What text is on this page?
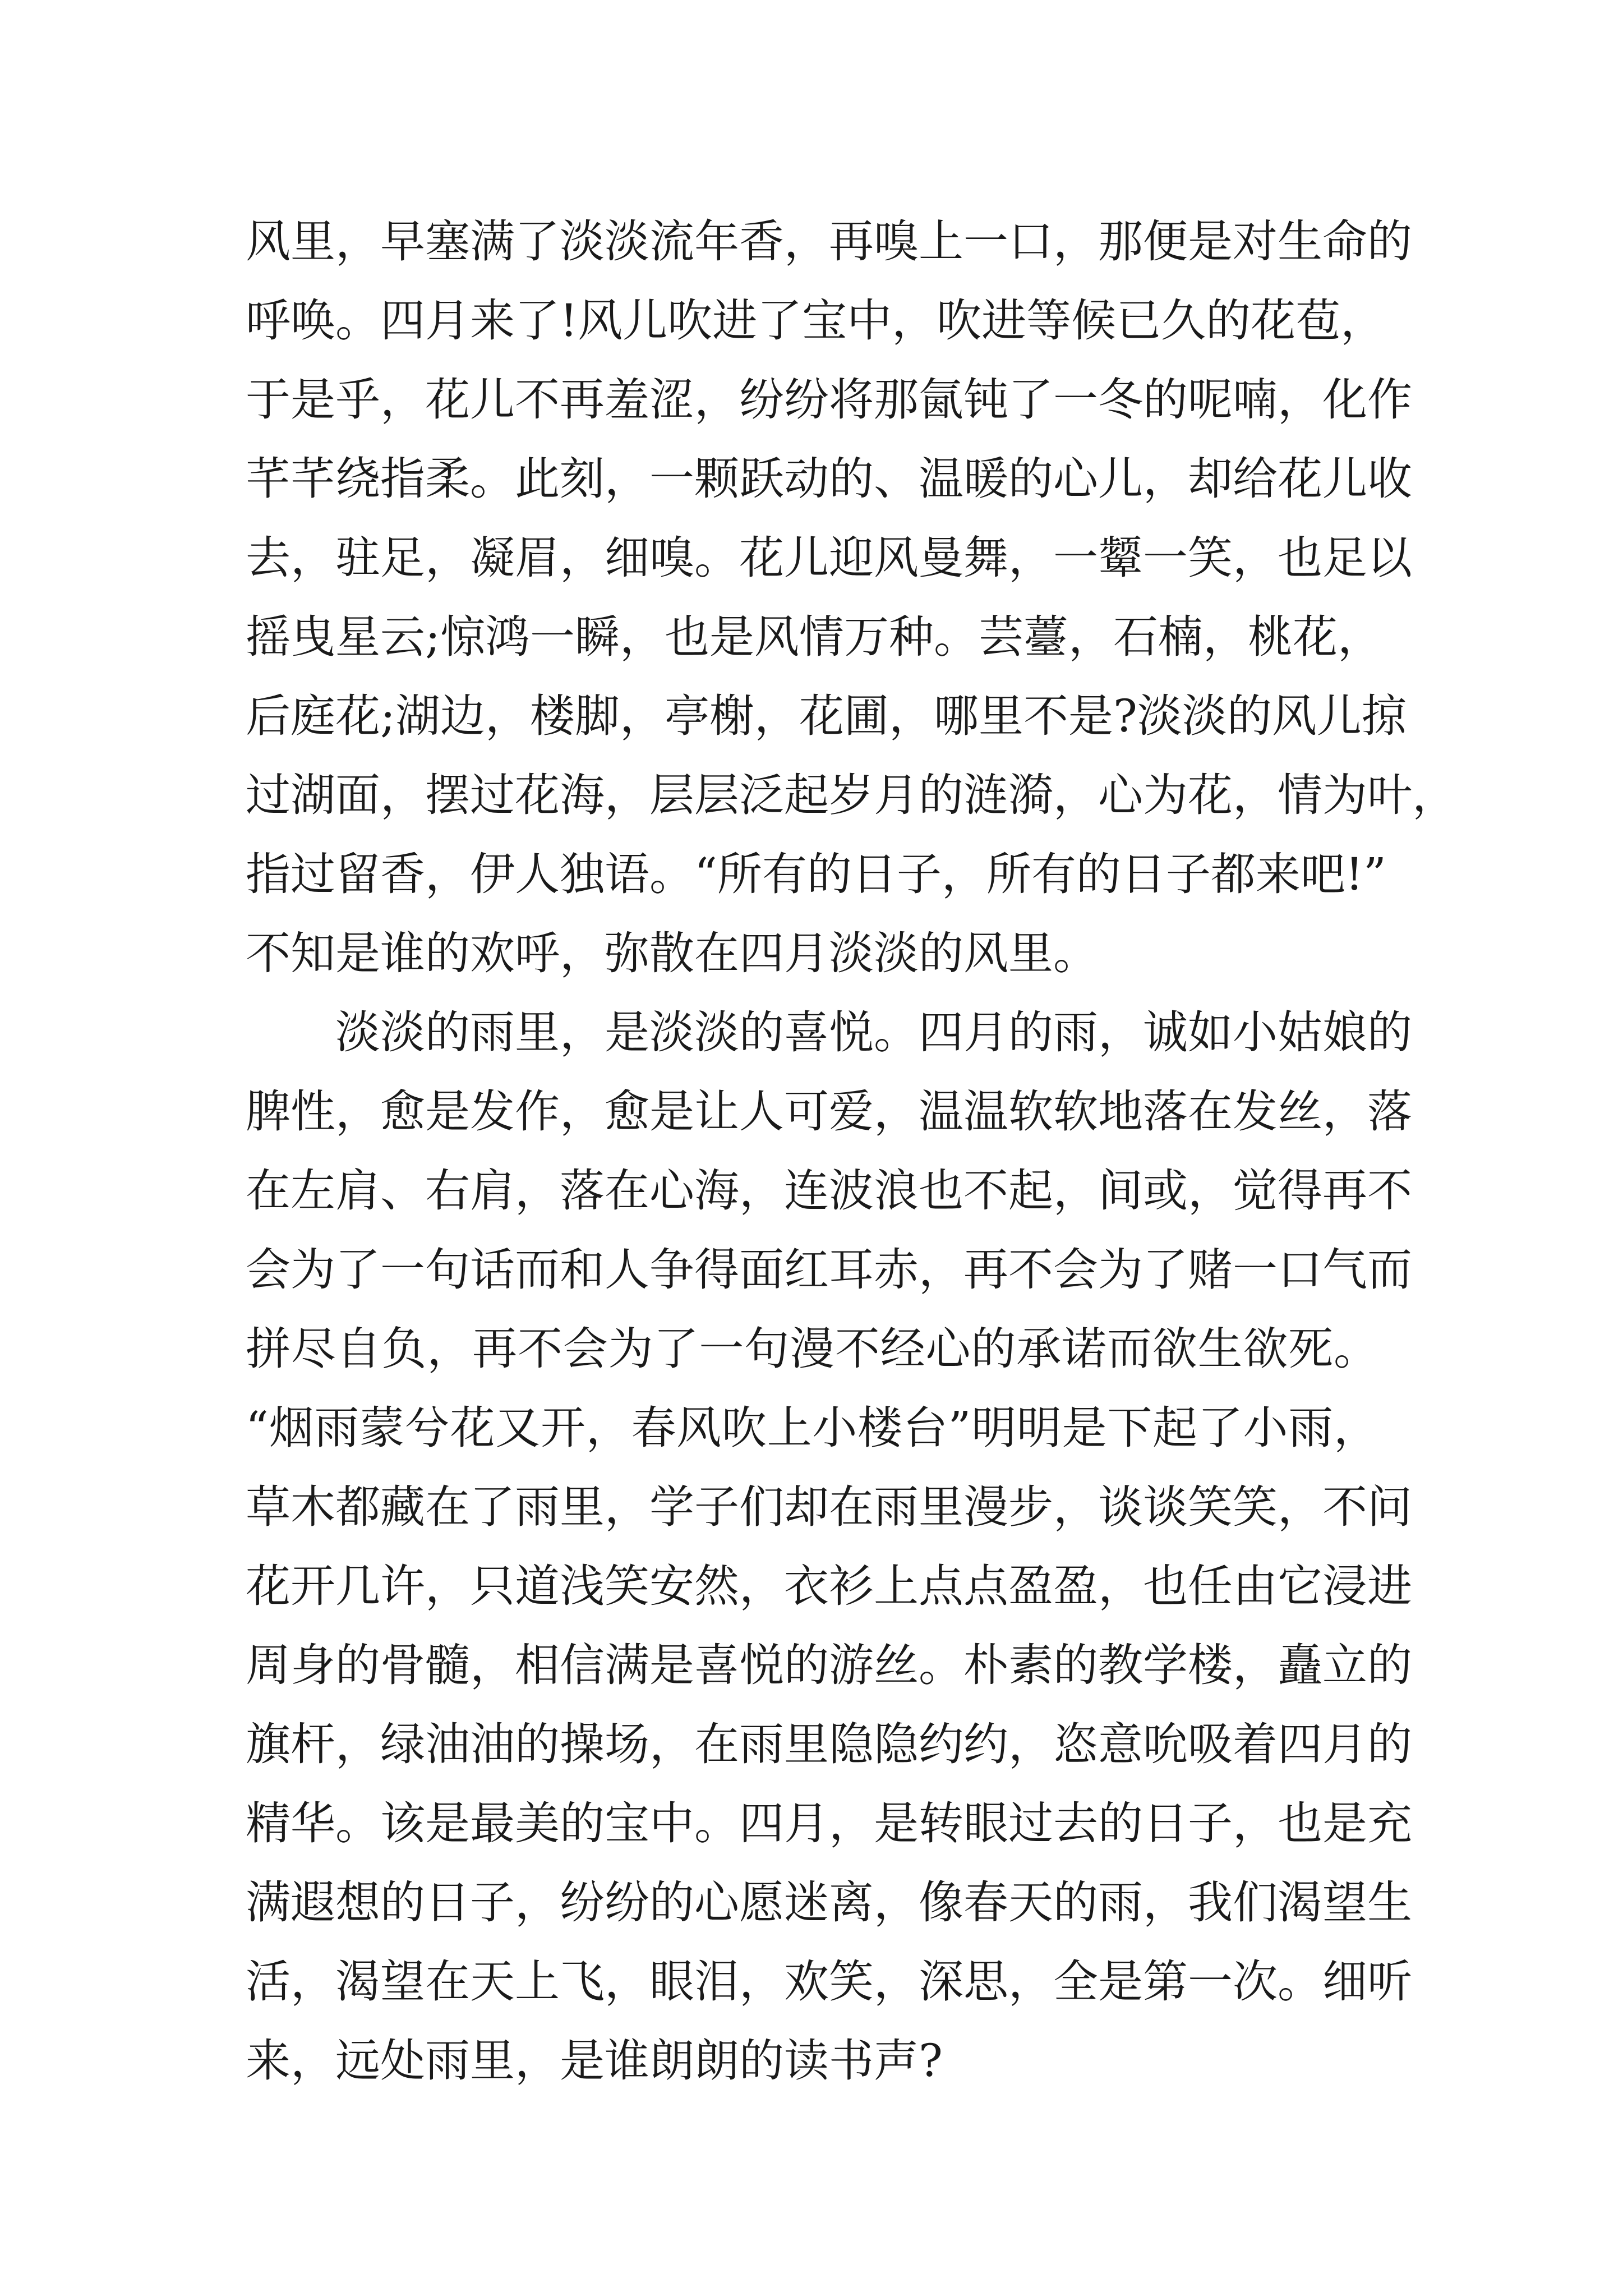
风里，早塞满了淡淡流年香，再嗅上一口，那便是对生命的
呼唤。四月来了!风儿吹进了宝中，吹进等候已久的花苞，
于是乎，花儿不再羞涩，纷纷将那氤钝了一冬的呢喃，化作
芊芊绕指柔。此刻，一颗跃动的、温暖的心儿，却给花儿收
去，驻足，凝眉，细嗅。花儿迎风曼舞，一颦一笑，也足以
摇曳星云;惊鸿一瞬，也是风情万种。芸薹，石楠，桃花，
后庭花;湖边，楼脚，亭榭，花圃，哪里不是?淡淡的风儿掠
过湖面，摆过花海，层层泛起岁月的涟漪，心为花，情为叶，
指过留香，伊人独语。“所有的日子，所有的日子都来吧!”
不知是谁的欢呼，弥散在四月淡淡的风里。
淡淡的雨里，是淡淡的喜悦。四月的雨，诚如小姑娘的
脾性，愈是发作，愈是让人可爱，温温软软地落在发丝，落
在左肩、右肩，落在心海，连波浪也不起，间或，觉得再不
会为了一句话而和人争得面红耳赤，再不会为了赌一口气而
拼尽自负，再不会为了一句漫不经心的承诺而欲生欲死。
“烟雨蒙兮花又开，春风吹上小楼台”明明是下起了小雨，
草木都藏在了雨里，学子们却在雨里漫步，谈谈笑笑，不问
花开几许，只道浅笑安然，衣衫上点点盈盈，也任由它浸进
周身的骨髓，相信满是喜悦的游丝。朴素的教学楼，矗立的
旗杆，绿油油的操场，在雨里隐隐约约，恣意吮吸着四月的
精华。该是最美的宝中。四月，是转眼过去的日子，也是充
满遐想的日子，纷纷的心愿迷离，像春天的雨，我们渴望生
活，渴望在天上飞，眼泪，欢笑，深思，全是第一次。细听
来，远处雨里，是谁朗朗的读书声?
